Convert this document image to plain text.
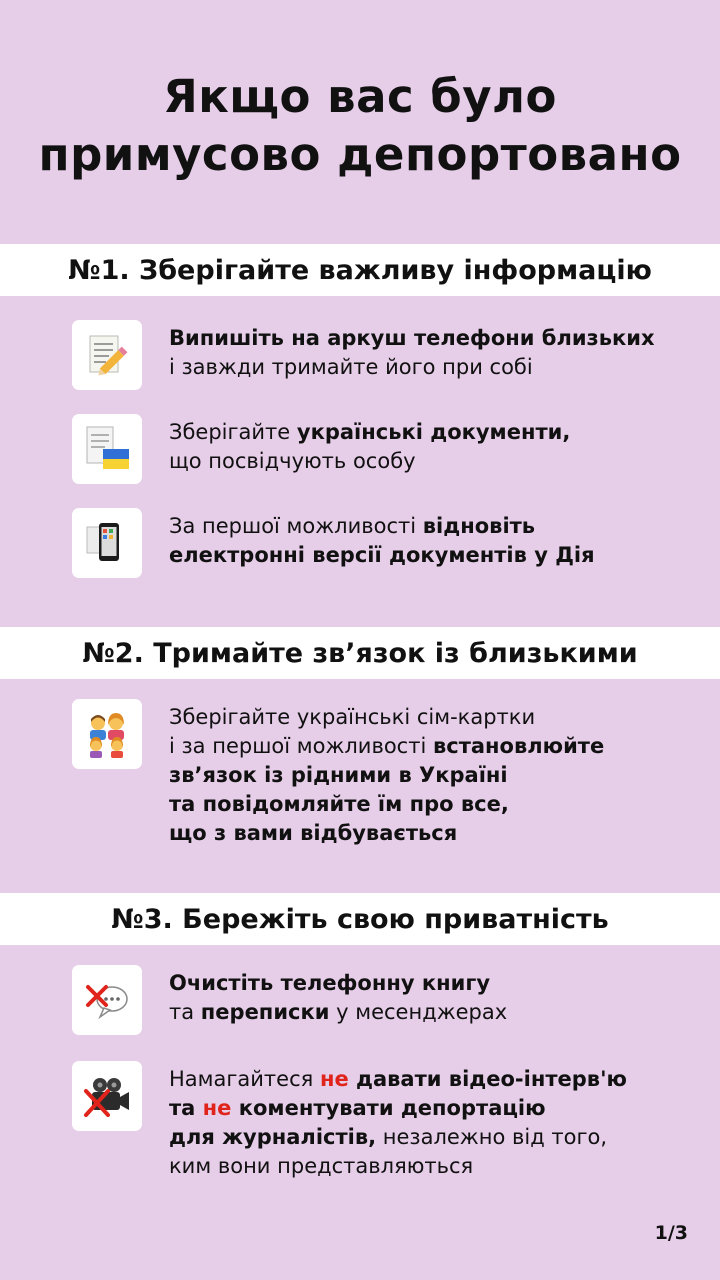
Якщо вас було
примусово депортовано
№1. Зберігайте важливу інформацію
Випишіть на аркуш телефони близьких
і завжди тримайте його при собі
Зберігайте українські документи,
що посвідчують особу
За першої можливості відновіть
електронні версії документів у Дія
№2. Тримайте зв’язок із близькими
Зберігайте українські сім-картки
і за першої можливості встановлюйте
зв’язок із рідними в Україні
та повідомляйте їм про все,
що з вами відбувається
№3. Бережіть свою приватність
Очистіть телефонну книгу
та переписки у месенджерах
Намагайтеся не давати відео-інтерв'ю
та не коментувати депортацію
для журналістів, незалежно від того,
ким вони представляються
1/3
